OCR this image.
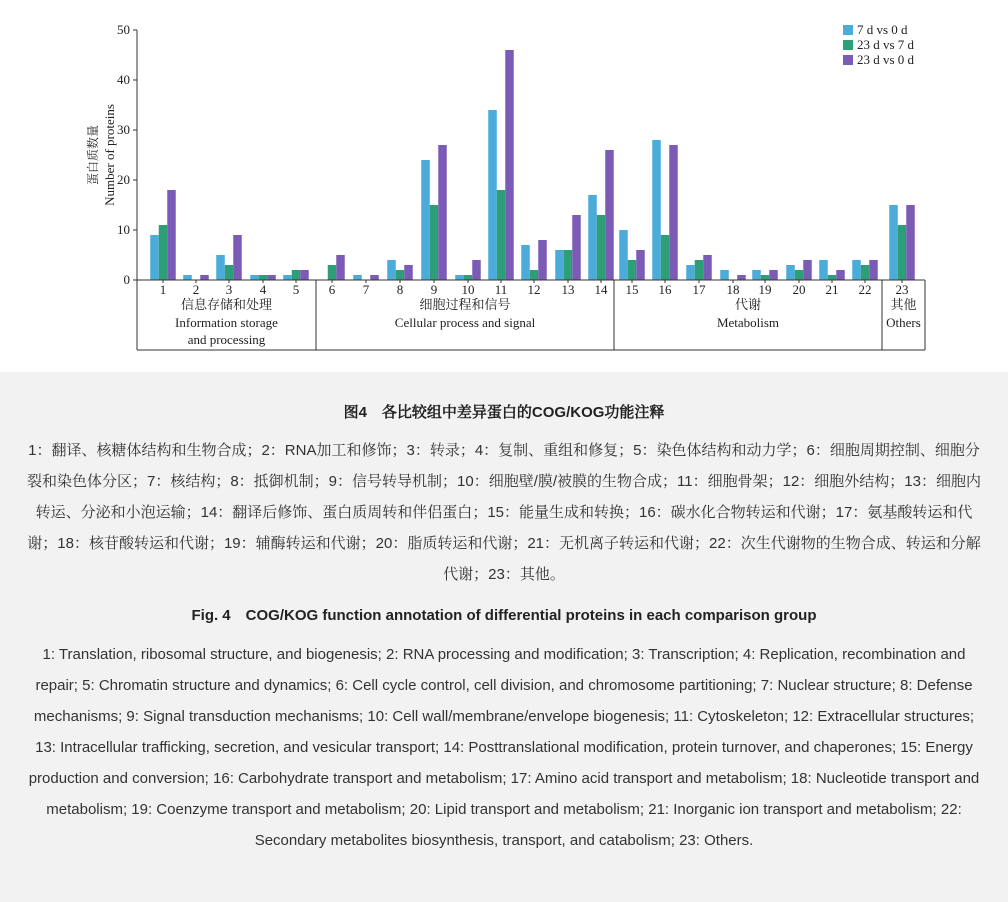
0
10
20
30
40
50
蛋白质数量 Number of proteins
1 2 3 4 5 6 7 8 9 10 11 12 13 14 15 16 17 18 19 20 21 22 23
信息存储和处理
Information storage
and processing
细胞过程和信号
Cellular process and signal
代谢
Metabolism
其他
Others
7 d vs 0 d
23 d vs 7 d
23 d vs 0 d
图4　各比较组中差异蛋白的COG/KOG功能注释
1：翻译、核糖体结构和生物合成；2：RNA加工和修饰；3：转录；4：复制、重组和修复；5：染色体结构和动力学；6：细胞周期控制、细胞分裂和染色体分区；7：核结构；8：抵御机制；9：信号转导机制；10：细胞壁/膜/被膜的生物合成；11：细胞骨架；12：细胞外结构；13：细胞内转运、分泌和小泡运输；14：翻译后修饰、蛋白质周转和伴侣蛋白；15：能量生成和转换；16：碳水化合物转运和代谢；17：氨基酸转运和代谢；18：核苷酸转运和代谢；19：辅酶转运和代谢；20：脂质转运和代谢；21：无机离子转运和代谢；22：次生代谢物的生物合成、转运和分解代谢；23：其他。
Fig. 4　COG/KOG function annotation of differential proteins in each comparison group
1: Translation, ribosomal structure, and biogenesis; 2: RNA processing and modification; 3: Transcription; 4: Replication, recombination and repair; 5: Chromatin structure and dynamics; 6: Cell cycle control, cell division, and chromosome partitioning; 7: Nuclear structure; 8: Defense mechanisms; 9: Signal transduction mechanisms; 10: Cell wall/membrane/envelope biogenesis; 11: Cytoskeleton; 12: Extracellular structures; 13: Intracellular trafficking, secretion, and vesicular transport; 14: Posttranslational modification, protein turnover, and chaperones; 15: Energy production and conversion; 16: Carbohydrate transport and metabolism; 17: Amino acid transport and metabolism; 18: Nucleotide transport and metabolism; 19: Coenzyme transport and metabolism; 20: Lipid transport and metabolism; 21: Inorganic ion transport and metabolism; 22: Secondary metabolites biosynthesis, transport, and catabolism; 23: Others.
